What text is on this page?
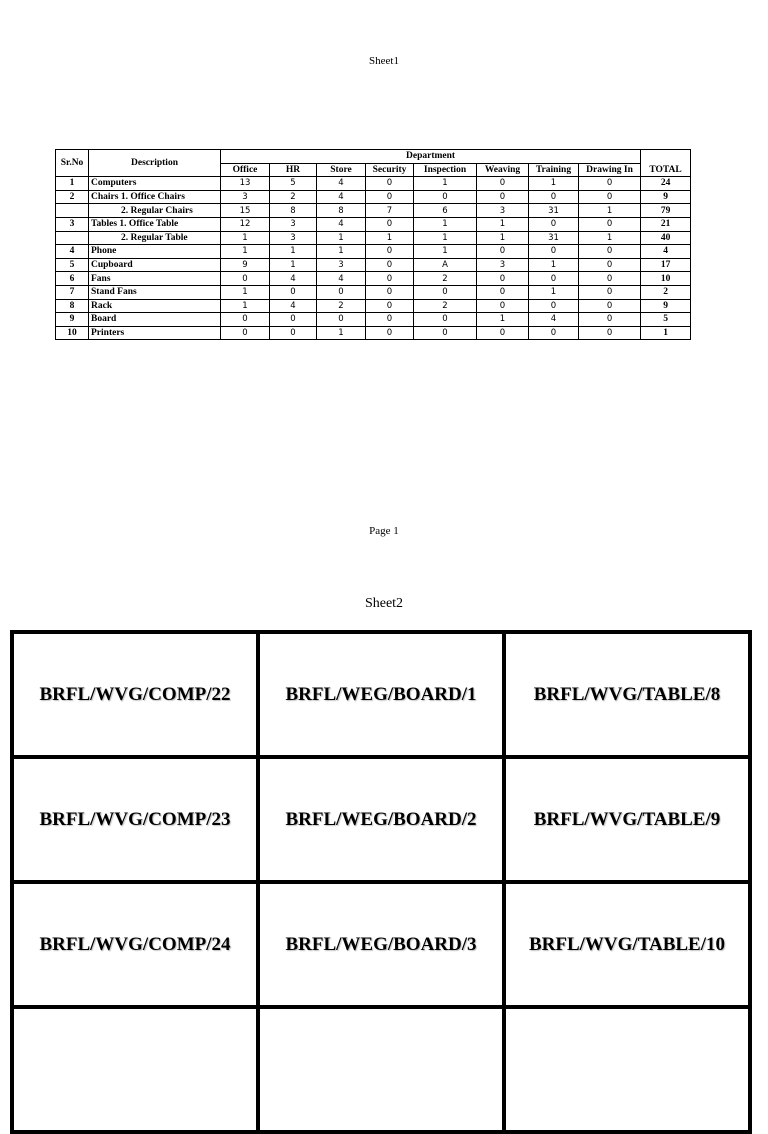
Sheet1
Sr.No	Description	Department								TOTAL
		Office	HR	Store	Security	Inspection	Weaving	Training	Drawing In	
1	Computers	13	5	4	0	1	0	1	0	24
2	Chairs 1. Office Chairs	3	2	4	0	0	0	0	0	9
	2. Regular Chairs	15	8	8	7	6	3	31	1	79
3	Tables 1. Office Table	12	3	4	0	1	1	0	0	21
	2. Regular Table	1	3	1	1	1	1	31	1	40
4	Phone	1	1	1	0	1	0	0	0	4
5	Cupboard	9	1	3	0	A	3	1	0	17
6	Fans	0	4	4	0	2	0	0	0	10
7	Stand Fans	1	0	0	0	0	0	1	0	2
8	Rack	1	4	2	0	2	0	0	0	9
9	Board	0	0	0	0	0	1	4	0	5
10	Printers	0	0	1	0	0	0	0	0	1
Page 1
Sheet2
BRFL/WVG/COMP/22	BRFL/WEG/BOARD/1	BRFL/WVG/TABLE/8
BRFL/WVG/COMP/23	BRFL/WEG/BOARD/2	BRFL/WVG/TABLE/9
BRFL/WVG/COMP/24	BRFL/WEG/BOARD/3	BRFL/WVG/TABLE/10
